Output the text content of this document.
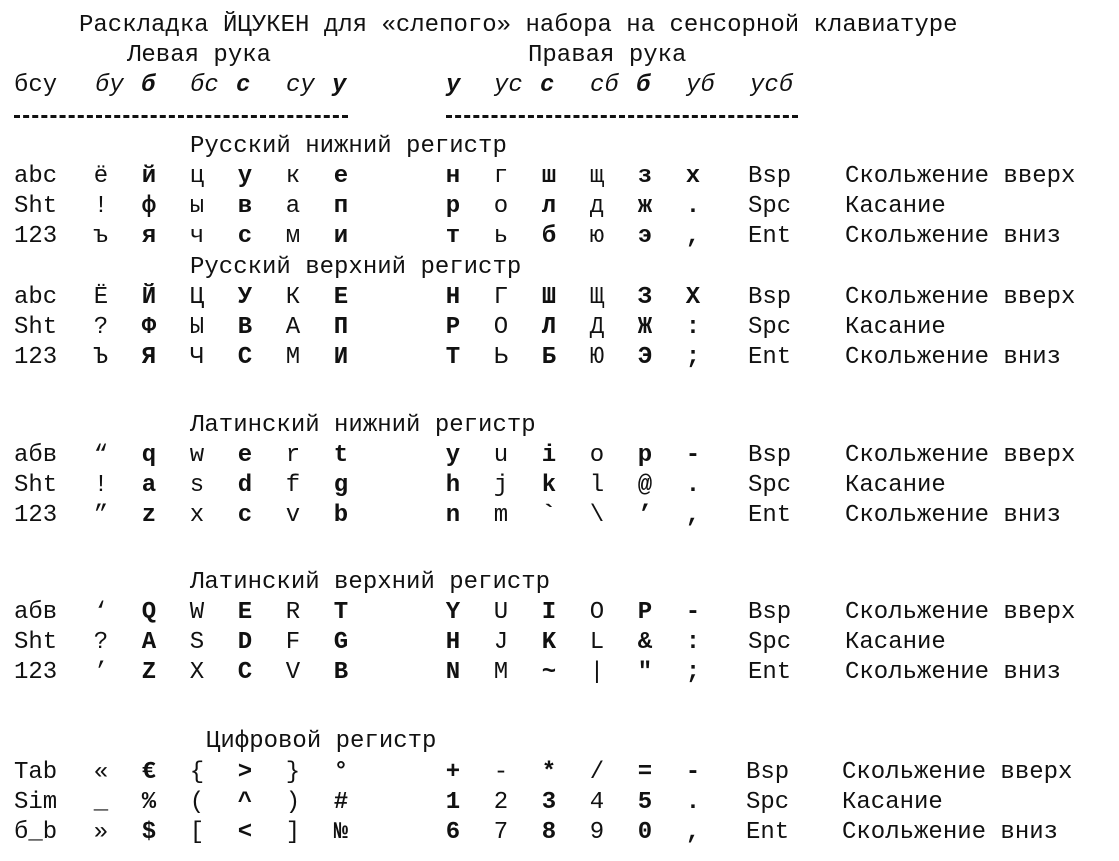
Раскладка ЙЦУКЕН для «слепого» набора на сенсорной клавиатуре
Левая рука	Правая рука
бсу бу б бс с су у	у ус с сб б уб усб
Русский нижний регистр
abc	ё	й	ц	у	к	е	н	г	ш	щ	з	х	Bsp Скольжение вверх
Sht	!	ф	ы	в	а	п	р	о	л	д	ж	.	Spc Касание
123	ъ	я	ч	с	м	и	т	ь	б	ю	э	,	Ent Скольжение вниз
Русский верхний регистр
abc	Ё	Й	Ц	У	К	Е	Н	Г	Ш	Щ	З	Х	Bsp Скольжение вверх
Sht	?	Ф	Ы	В	А	П	Р	О	Л	Д	Ж	:	Spc Касание
123	Ъ	Я	Ч	С	М	И	Т	Ь	Б	Ю	Э	;	Ent Скольжение вниз
Латинский нижний регистр
абв	“	q	w	e	r	t	y	u	i	o	p	-	Bsp Скольжение вверх
Sht	!	a	s	d	f	g	h	j	k	l	@	.	Spc Касание
123	”	z	x	c	v	b	n	m	`	\	’	,	Ent Скольжение вниз
Латинский верхний регистр
абв	‘	Q	W	E	R	T	Y	U	I	O	P	-	Bsp Скольжение вверх
Sht	?	A	S	D	F	G	H	J	K	L	&	:	Spc Касание
123	’	Z	X	C	V	B	N	M	~	|	"	;	Ent Скольжение вниз
Цифровой регистр
Tab	«	€	{	>	}	°	+	-	*	/	=	-	Bsp Скольжение вверх
Sim	_	%	(	^	)	#	1	2	3	4	5	.	Spc Касание
б_b	»	$	[	<	]	№	6	7	8	9	0	,	Ent Скольжение вниз
